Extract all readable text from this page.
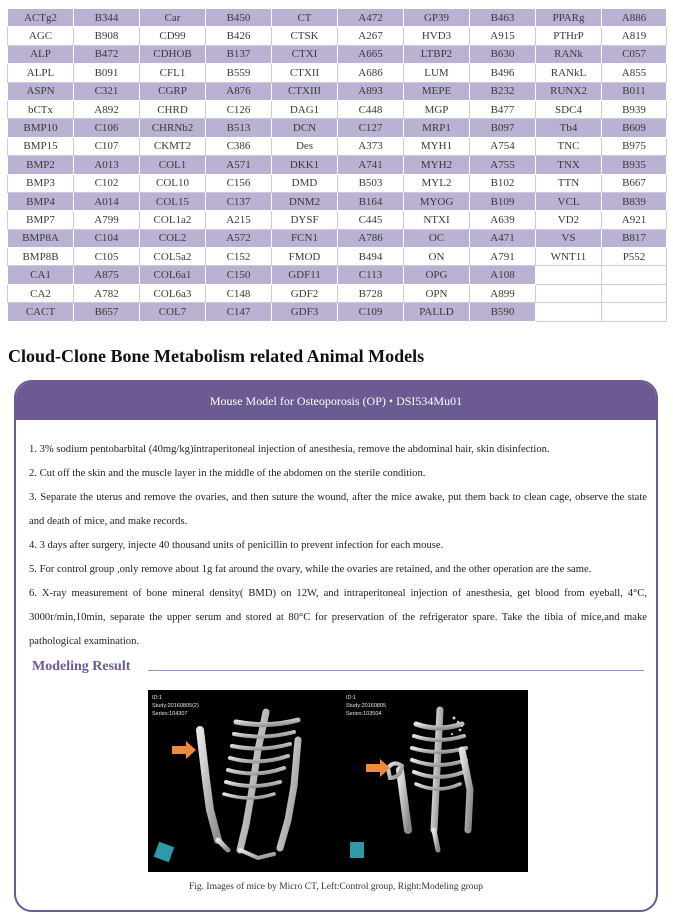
ACTg2	B344	Car	B450	CT	A472	GP39	B463	PPARg	A886
AGC	B908	CD99	B426	CTSK	A267	HVD3	A915	PTHrP	A819
ALP	B472	CDHOB	B137	CTXI	A665	LTBP2	B630	RANk	C057
ALPL	B091	CFL1	B559	CTXII	A686	LUM	B496	RANkL	A855
ASPN	C321	CGRP	A876	CTXIII	A893	MEPE	B232	RUNX2	B011
bCTx	A892	CHRD	C126	DAG1	C448	MGP	B477	SDC4	B939
BMP10	C106	CHRNb2	B513	DCN	C127	MRP1	B097	Tb4	B609
BMP15	C107	CKMT2	C386	Des	A373	MYH1	A754	TNC	B975
BMP2	A013	COL1	A571	DKK1	A741	MYH2	A755	TNX	B935
BMP3	C102	COL10	C156	DMD	B503	MYL2	B102	TTN	B667
BMP4	A014	COL15	C137	DNM2	B164	MYOG	B109	VCL	B839
BMP7	A799	COL1a2	A215	DYSF	C445	NTXI	A639	VD2	A921
BMP8A	C104	COL2	A572	FCN1	A786	OC	A471	VS	B817
BMP8B	C105	COL5a2	C152	FMOD	B494	ON	A791	WNT11	P552
CA1	A875	COL6a1	C150	GDF11	C113	OPG	A108		
CA2	A782	COL6a3	C148	GDF2	B728	OPN	A899		
CACT	B657	COL7	C147	GDF3	C109	PALLD	B590		
Cloud-Clone Bone Metabolism related Animal Models
Mouse Model for Osteoporosis (OP) • DSI534Mu01

1. 3% sodium pentobarbital (40mg/kg)intraperitoneal injection of anesthesia, remove the abdominal hair, skin disinfection.

2. Cut off the skin and the muscle layer in the middle of the abdomen on the sterile condition.

3. Separate the uterus and remove the ovaries, and then suture the wound, after the mice awake, put them back to clean cage, observe the state and death of mice, and make records.

4. 3 days after surgery, injecte 40 thousand units of penicillin to prevent infection for each mouse.

5. For control group ,only remove about 1g fat around the ovary, while the ovaries are retained, and the other operation are the same.

6. X-ray measurement of bone mineral density( BMD) on 12W, and intraperitoneal injection of anesthesia, get blood from eyeball, 4°C, 3000r/min,10min, separate the upper serum and stored at 80°C for preservation of the refrigerator spare. Take the tibia of mice,and make pathological examination.

Modeling Result
ID:1
Study:20160805(2)
Series:104307
ID:1
Study:20160805
Series:103504
Fig. Images of mice by Micro CT, Left:Control group, Right:Modeling group
